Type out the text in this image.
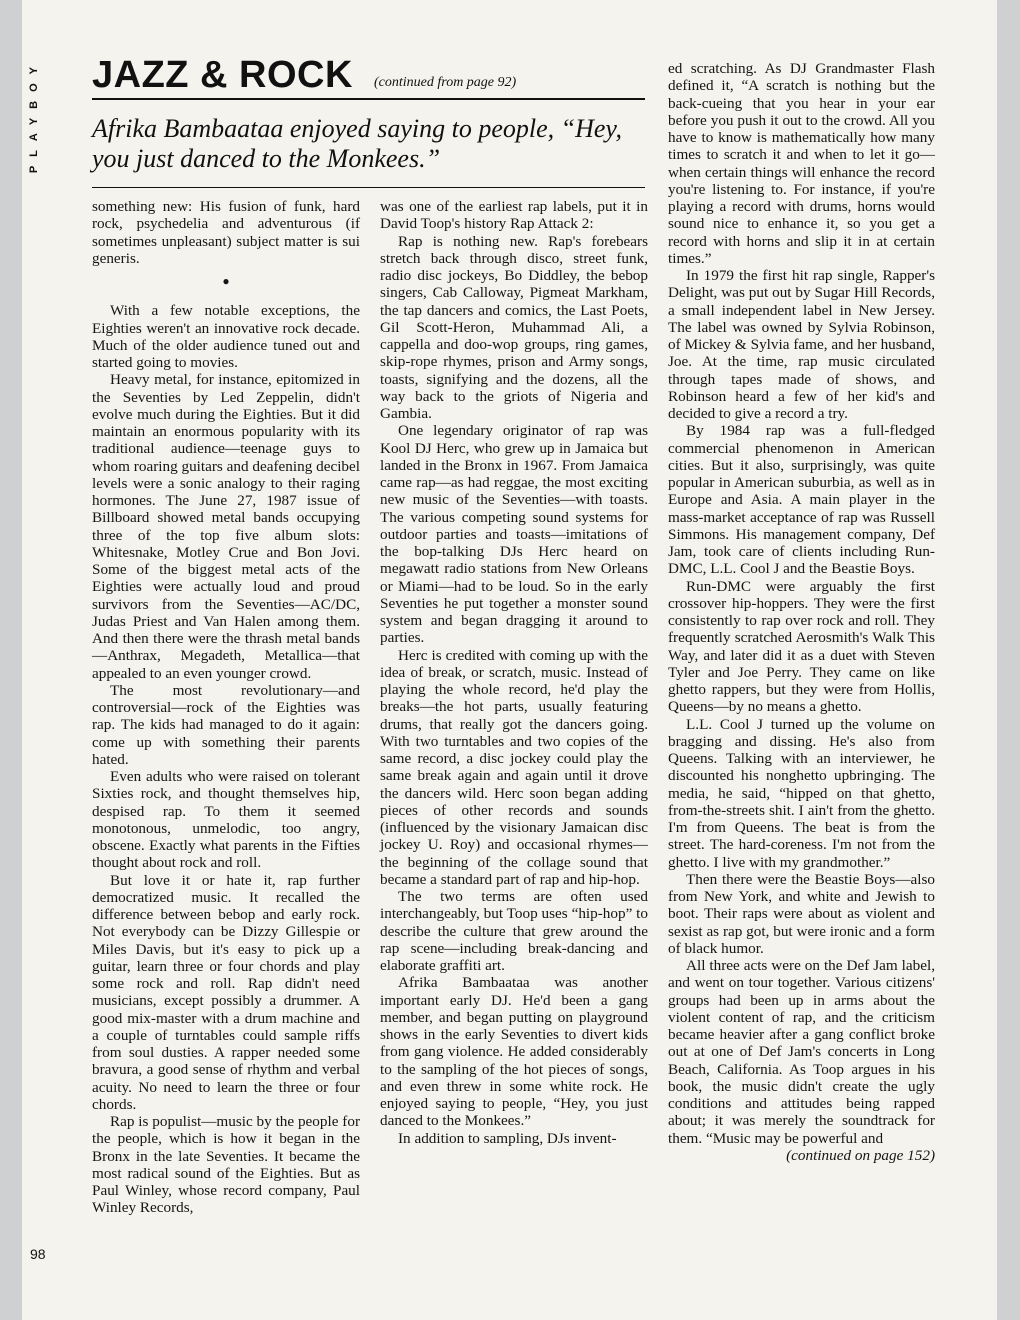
PLAYBOY
98
JAZZ & ROCK (continued from page 92)
Afrika Bambaataa enjoyed saying to people, “Hey, you just danced to the Monkees.”

something new: His fusion of funk, hard rock, psychedelia and adventurous (if sometimes unpleasant) subject matter is sui generis.

●

With a few notable exceptions, the Eighties weren't an innovative rock decade. Much of the older audience tuned out and started going to movies.

Heavy metal, for instance, epitomized in the Seventies by Led Zeppelin, didn't evolve much during the Eighties. But it did maintain an enormous popularity with its traditional audience—teenage guys to whom roaring guitars and deafening decibel levels were a sonic analogy to their raging hormones. The June 27, 1987 issue of Billboard showed metal bands occupying three of the top five album slots: Whitesnake, Motley Crue and Bon Jovi. Some of the biggest metal acts of the Eighties were actually loud and proud survivors from the Seventies—AC/DC, Judas Priest and Van Halen among them. And then there were the thrash metal bands—Anthrax, Megadeth, Metallica—that appealed to an even younger crowd.

The most revolutionary—and controversial—rock of the Eighties was rap. The kids had managed to do it again: come up with something their parents hated.

Even adults who were raised on tolerant Sixties rock, and thought themselves hip, despised rap. To them it seemed monotonous, unmelodic, too angry, obscene. Exactly what parents in the Fifties thought about rock and roll.

But love it or hate it, rap further democratized music. It recalled the difference between bebop and early rock. Not everybody can be Dizzy Gillespie or Miles Davis, but it's easy to pick up a guitar, learn three or four chords and play some rock and roll. Rap didn't need musicians, except possibly a drummer. A good mix-master with a drum machine and a couple of turntables could sample riffs from soul dusties. A rapper needed some bravura, a good sense of rhythm and verbal acuity. No need to learn the three or four chords.

Rap is populist—music by the people for the people, which is how it began in the Bronx in the late Seventies. It became the most radical sound of the Eighties. But as Paul Winley, whose record company, Paul Winley Records,

was one of the earliest rap labels, put it in David Toop's history Rap Attack 2:

Rap is nothing new. Rap's forebears stretch back through disco, street funk, radio disc jockeys, Bo Diddley, the bebop singers, Cab Calloway, Pigmeat Markham, the tap dancers and comics, the Last Poets, Gil Scott-Heron, Muhammad Ali, a cappella and doo-wop groups, ring games, skip-rope rhymes, prison and Army songs, toasts, signifying and the dozens, all the way back to the griots of Nigeria and Gambia.

One legendary originator of rap was Kool DJ Herc, who grew up in Jamaica but landed in the Bronx in 1967. From Jamaica came rap—as had reggae, the most exciting new music of the Seventies—with toasts. The various competing sound systems for outdoor parties and toasts—imitations of the bop-talking DJs Herc heard on megawatt radio stations from New Orleans or Miami—had to be loud. So in the early Seventies he put together a monster sound system and began dragging it around to parties.

Herc is credited with coming up with the idea of break, or scratch, music. Instead of playing the whole record, he'd play the breaks—the hot parts, usually featuring drums, that really got the dancers going. With two turntables and two copies of the same record, a disc jockey could play the same break again and again until it drove the dancers wild. Herc soon began adding pieces of other records and sounds (influenced by the visionary Jamaican disc jockey U. Roy) and occasional rhymes—the beginning of the collage sound that became a standard part of rap and hip-hop.

The two terms are often used interchangeably, but Toop uses “hip-hop” to describe the culture that grew around the rap scene—including break-dancing and elaborate graffiti art.

Afrika Bambaataa was another important early DJ. He'd been a gang member, and began putting on playground shows in the early Seventies to divert kids from gang violence. He added considerably to the sampling of the hot pieces of songs, and even threw in some white rock. He enjoyed saying to people, “Hey, you just danced to the Monkees.”

In addition to sampling, DJs invent-

ed scratching. As DJ Grandmaster Flash defined it, “A scratch is nothing but the back-cueing that you hear in your ear before you push it out to the crowd. All you have to know is mathematically how many times to scratch it and when to let it go—when certain things will enhance the record you're listening to. For instance, if you're playing a record with drums, horns would sound nice to enhance it, so you get a record with horns and slip it in at certain times.”

In 1979 the first hit rap single, Rapper's Delight, was put out by Sugar Hill Records, a small independent label in New Jersey. The label was owned by Sylvia Robinson, of Mickey & Sylvia fame, and her husband, Joe. At the time, rap music circulated through tapes made of shows, and Robinson heard a few of her kid's and decided to give a record a try.

By 1984 rap was a full-fledged commercial phenomenon in American cities. But it also, surprisingly, was quite popular in American suburbia, as well as in Europe and Asia. A main player in the mass-market acceptance of rap was Russell Simmons. His management company, Def Jam, took care of clients including Run-DMC, L.L. Cool J and the Beastie Boys.

Run-DMC were arguably the first crossover hip-hoppers. They were the first consistently to rap over rock and roll. They frequently scratched Aerosmith's Walk This Way, and later did it as a duet with Steven Tyler and Joe Perry. They came on like ghetto rappers, but they were from Hollis, Queens—by no means a ghetto.

L.L. Cool J turned up the volume on bragging and dissing. He's also from Queens. Talking with an interviewer, he discounted his nonghetto upbringing. The media, he said, “hipped on that ghetto, from-the-streets shit. I ain't from the ghetto. I'm from Queens. The beat is from the street. The hard-coreness. I'm not from the ghetto. I live with my grandmother.”

Then there were the Beastie Boys—also from New York, and white and Jewish to boot. Their raps were about as violent and sexist as rap got, but were ironic and a form of black humor.

All three acts were on the Def Jam label, and went on tour together. Various citizens' groups had been up in arms about the violent content of rap, and the criticism became heavier after a gang conflict broke out at one of Def Jam's concerts in Long Beach, California. As Toop argues in his book, the music didn't create the ugly conditions and attitudes being rapped about; it was merely the soundtrack for them. “Music may be powerful and

(continued on page 152)
